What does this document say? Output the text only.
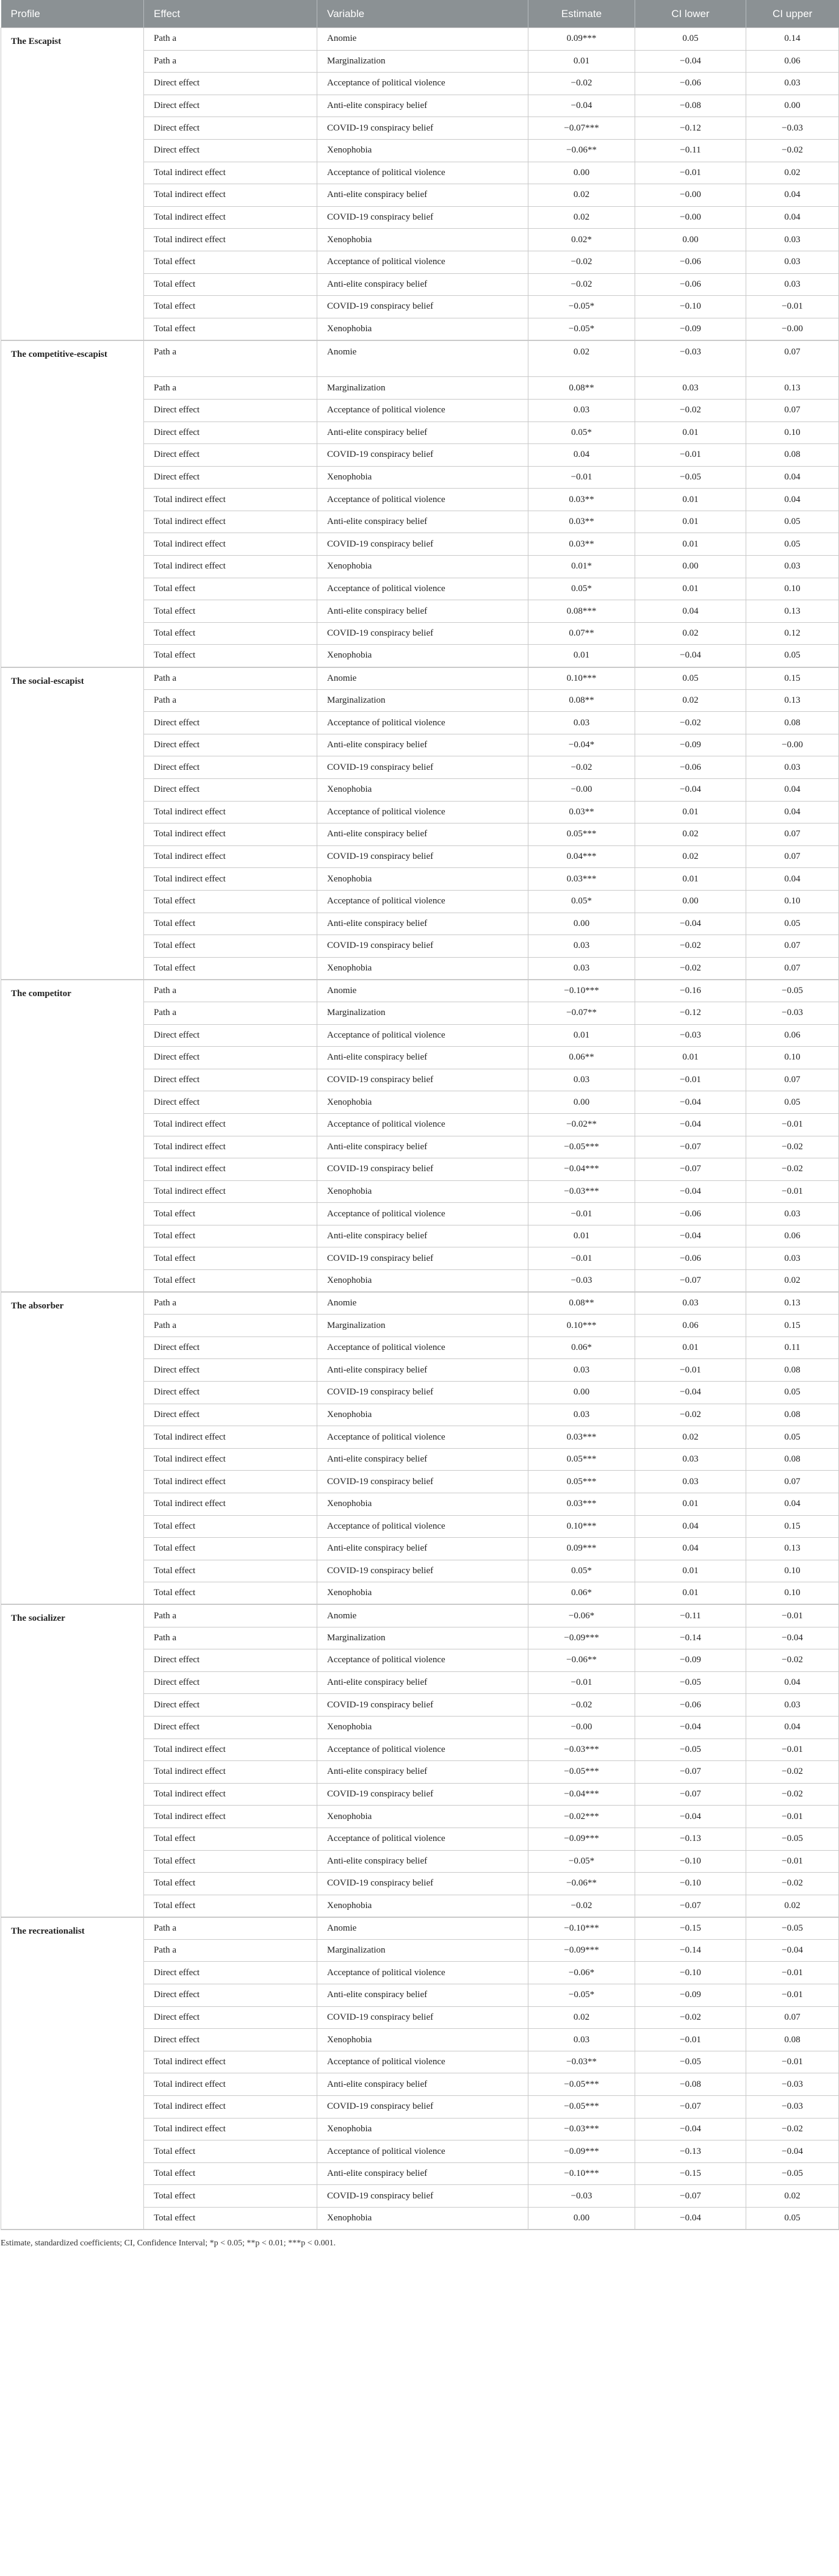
Profile	Effect	Variable	Estimate	CI lower	CI upper
The Escapist	Path a	Anomie	0.09***	0.05	0.14
	Path a	Marginalization	0.01	−0.04	0.06
	Direct effect	Acceptance of political violence	−0.02	−0.06	0.03
	Direct effect	Anti-elite conspiracy belief	−0.04	−0.08	0.00
	Direct effect	COVID-19 conspiracy belief	−0.07***	−0.12	−0.03
	Direct effect	Xenophobia	−0.06**	−0.11	−0.02
	Total indirect effect	Acceptance of political violence	0.00	−0.01	0.02
	Total indirect effect	Anti-elite conspiracy belief	0.02	−0.00	0.04
	Total indirect effect	COVID-19 conspiracy belief	0.02	−0.00	0.04
	Total indirect effect	Xenophobia	0.02*	0.00	0.03
	Total effect	Acceptance of political violence	−0.02	−0.06	0.03
	Total effect	Anti-elite conspiracy belief	−0.02	−0.06	0.03
	Total effect	COVID-19 conspiracy belief	−0.05*	−0.10	−0.01
	Total effect	Xenophobia	−0.05*	−0.09	−0.00
The competitive-escapist	Path a	Anomie	0.02	−0.03	0.07
	Path a	Marginalization	0.08**	0.03	0.13
	Direct effect	Acceptance of political violence	0.03	−0.02	0.07
	Direct effect	Anti-elite conspiracy belief	0.05*	0.01	0.10
	Direct effect	COVID-19 conspiracy belief	0.04	−0.01	0.08
	Direct effect	Xenophobia	−0.01	−0.05	0.04
	Total indirect effect	Acceptance of political violence	0.03**	0.01	0.04
	Total indirect effect	Anti-elite conspiracy belief	0.03**	0.01	0.05
	Total indirect effect	COVID-19 conspiracy belief	0.03**	0.01	0.05
	Total indirect effect	Xenophobia	0.01*	0.00	0.03
	Total effect	Acceptance of political violence	0.05*	0.01	0.10
	Total effect	Anti-elite conspiracy belief	0.08***	0.04	0.13
	Total effect	COVID-19 conspiracy belief	0.07**	0.02	0.12
	Total effect	Xenophobia	0.01	−0.04	0.05
The social-escapist	Path a	Anomie	0.10***	0.05	0.15
	Path a	Marginalization	0.08**	0.02	0.13
	Direct effect	Acceptance of political violence	0.03	−0.02	0.08
	Direct effect	Anti-elite conspiracy belief	−0.04*	−0.09	−0.00
	Direct effect	COVID-19 conspiracy belief	−0.02	−0.06	0.03
	Direct effect	Xenophobia	−0.00	−0.04	0.04
	Total indirect effect	Acceptance of political violence	0.03**	0.01	0.04
	Total indirect effect	Anti-elite conspiracy belief	0.05***	0.02	0.07
	Total indirect effect	COVID-19 conspiracy belief	0.04***	0.02	0.07
	Total indirect effect	Xenophobia	0.03***	0.01	0.04
	Total effect	Acceptance of political violence	0.05*	0.00	0.10
	Total effect	Anti-elite conspiracy belief	0.00	−0.04	0.05
	Total effect	COVID-19 conspiracy belief	0.03	−0.02	0.07
	Total effect	Xenophobia	0.03	−0.02	0.07
The competitor	Path a	Anomie	−0.10***	−0.16	−0.05
	Path a	Marginalization	−0.07**	−0.12	−0.03
	Direct effect	Acceptance of political violence	0.01	−0.03	0.06
	Direct effect	Anti-elite conspiracy belief	0.06**	0.01	0.10
	Direct effect	COVID-19 conspiracy belief	0.03	−0.01	0.07
	Direct effect	Xenophobia	0.00	−0.04	0.05
	Total indirect effect	Acceptance of political violence	−0.02**	−0.04	−0.01
	Total indirect effect	Anti-elite conspiracy belief	−0.05***	−0.07	−0.02
	Total indirect effect	COVID-19 conspiracy belief	−0.04***	−0.07	−0.02
	Total indirect effect	Xenophobia	−0.03***	−0.04	−0.01
	Total effect	Acceptance of political violence	−0.01	−0.06	0.03
	Total effect	Anti-elite conspiracy belief	0.01	−0.04	0.06
	Total effect	COVID-19 conspiracy belief	−0.01	−0.06	0.03
	Total effect	Xenophobia	−0.03	−0.07	0.02
The absorber	Path a	Anomie	0.08**	0.03	0.13
	Path a	Marginalization	0.10***	0.06	0.15
	Direct effect	Acceptance of political violence	0.06*	0.01	0.11
	Direct effect	Anti-elite conspiracy belief	0.03	−0.01	0.08
	Direct effect	COVID-19 conspiracy belief	0.00	−0.04	0.05
	Direct effect	Xenophobia	0.03	−0.02	0.08
	Total indirect effect	Acceptance of political violence	0.03***	0.02	0.05
	Total indirect effect	Anti-elite conspiracy belief	0.05***	0.03	0.08
	Total indirect effect	COVID-19 conspiracy belief	0.05***	0.03	0.07
	Total indirect effect	Xenophobia	0.03***	0.01	0.04
	Total effect	Acceptance of political violence	0.10***	0.04	0.15
	Total effect	Anti-elite conspiracy belief	0.09***	0.04	0.13
	Total effect	COVID-19 conspiracy belief	0.05*	0.01	0.10
	Total effect	Xenophobia	0.06*	0.01	0.10
The socializer	Path a	Anomie	−0.06*	−0.11	−0.01
	Path a	Marginalization	−0.09***	−0.14	−0.04
	Direct effect	Acceptance of political violence	−0.06**	−0.09	−0.02
	Direct effect	Anti-elite conspiracy belief	−0.01	−0.05	0.04
	Direct effect	COVID-19 conspiracy belief	−0.02	−0.06	0.03
	Direct effect	Xenophobia	−0.00	−0.04	0.04
	Total indirect effect	Acceptance of political violence	−0.03***	−0.05	−0.01
	Total indirect effect	Anti-elite conspiracy belief	−0.05***	−0.07	−0.02
	Total indirect effect	COVID-19 conspiracy belief	−0.04***	−0.07	−0.02
	Total indirect effect	Xenophobia	−0.02***	−0.04	−0.01
	Total effect	Acceptance of political violence	−0.09***	−0.13	−0.05
	Total effect	Anti-elite conspiracy belief	−0.05*	−0.10	−0.01
	Total effect	COVID-19 conspiracy belief	−0.06**	−0.10	−0.02
	Total effect	Xenophobia	−0.02	−0.07	0.02
The recreationalist	Path a	Anomie	−0.10***	−0.15	−0.05
	Path a	Marginalization	−0.09***	−0.14	−0.04
	Direct effect	Acceptance of political violence	−0.06*	−0.10	−0.01
	Direct effect	Anti-elite conspiracy belief	−0.05*	−0.09	−0.01
	Direct effect	COVID-19 conspiracy belief	0.02	−0.02	0.07
	Direct effect	Xenophobia	0.03	−0.01	0.08
	Total indirect effect	Acceptance of political violence	−0.03**	−0.05	−0.01
	Total indirect effect	Anti-elite conspiracy belief	−0.05***	−0.08	−0.03
	Total indirect effect	COVID-19 conspiracy belief	−0.05***	−0.07	−0.03
	Total indirect effect	Xenophobia	−0.03***	−0.04	−0.02
	Total effect	Acceptance of political violence	−0.09***	−0.13	−0.04
	Total effect	Anti-elite conspiracy belief	−0.10***	−0.15	−0.05
	Total effect	COVID-19 conspiracy belief	−0.03	−0.07	0.02
	Total effect	Xenophobia	0.00	−0.04	0.05
Estimate, standardized coefficients; CI, Confidence Interval; *p < 0.05; **p < 0.01; ***p < 0.001.
